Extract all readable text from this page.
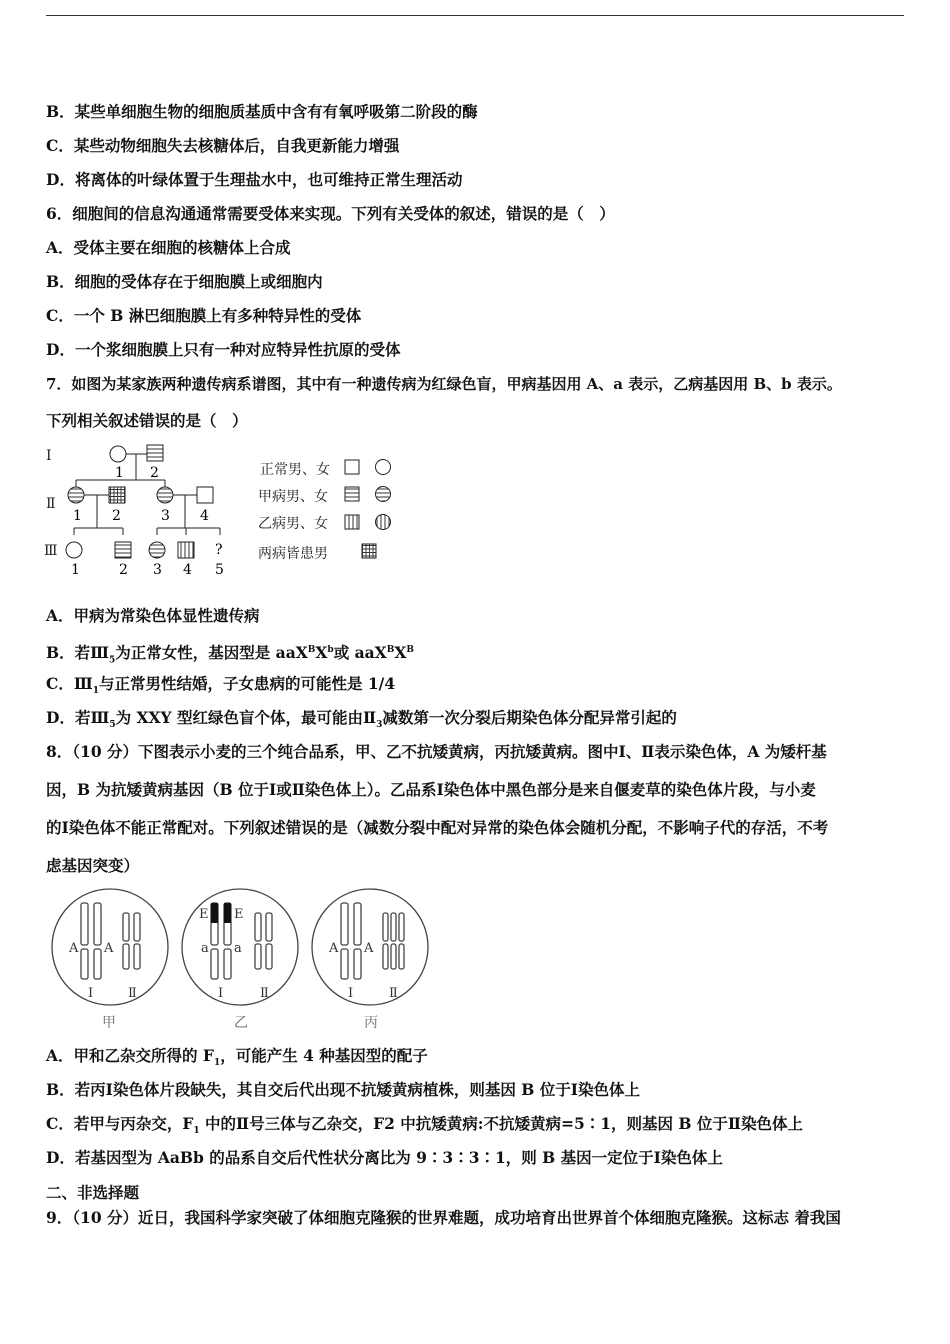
B．某些单细胞生物的细胞质基质中含有有氧呼吸第二阶段的酶
C．某些动物细胞失去核糖体后，自我更新能力增强
D．将离体的叶绿体置于生理盐水中，也可维持正常生理活动
6．细胞间的信息沟通通常需要受体来实现。下列有关受体的叙述，错误的是（　）
A．受体主要在细胞的核糖体上合成
B．细胞的受体存在于细胞膜上或细胞内
C．一个 B 淋巴细胞膜上有多种特异性的受体
D．一个浆细胞膜上只有一种对应特异性抗原的受体
7．如图为某家族两种遗传病系谱图，其中有一种遗传病为红绿色盲，甲病基因用 A、a 表示，乙病基因用 B、b 表示。
下列相关叙述错误的是（　）
Ⅰ
Ⅱ
Ⅲ
1 2
1 2	3 4
?
1	2 3 4 5
正常男、女
甲病男、女
乙病男、女
两病皆患男
A．甲病为常染色体显性遗传病
B．若$Ⅲ_5$为正常女性，基因型是 $aaX^BX^b$或 $aaX^BX^B$
C．$Ⅲ_1$与正常男性结婚，子女患病的可能性是 1/4
D．若$Ⅲ_5$为 XXY 型红绿色盲个体，最可能由$Ⅱ_3$减数第一次分裂后期染色体分配异常引起的
8．（10 分）下图表示小麦的三个纯合品系，甲、乙不抗矮黄病，丙抗矮黄病。图中Ⅰ、Ⅱ表示染色体，A 为矮杆基
因，B 为抗矮黄病基因（B 位于Ⅰ或Ⅱ染色体上）。乙品系Ⅰ染色体中黑色部分是来自偃麦草的染色体片段，与小麦
的Ⅰ染色体不能正常配对。下列叙述错误的是（减数分裂中配对异常的染色体会随机分配，不影响子代的存活，不考
虑基因突变）
A A
E E
a a	A A
Ⅰ	Ⅱ	Ⅰ	Ⅱ	Ⅰ	Ⅱ
甲	乙	丙
A．甲和乙杂交所得的 $F_1$，可能产生 4 种基因型的配子
B．若丙Ⅰ染色体片段缺失，其自交后代出现不抗矮黄病植株，则基因 B 位于Ⅰ染色体上
C．若甲与丙杂交，$F_1$ 中的Ⅱ号三体与乙杂交，F2 中抗矮黄病:不抗矮黄病=5∶1，则基因 B 位于Ⅱ染色体上
D．若基因型为 AaBb 的品系自交后代性状分离比为 9∶3∶3∶1，则 B 基因一定位于Ⅰ染色体上
二、非选择题
9．（10 分）近日，我国科学家突破了体细胞克隆猴的世界难题，成功培育出世界首个体细胞克隆猴。这标志 着我国
